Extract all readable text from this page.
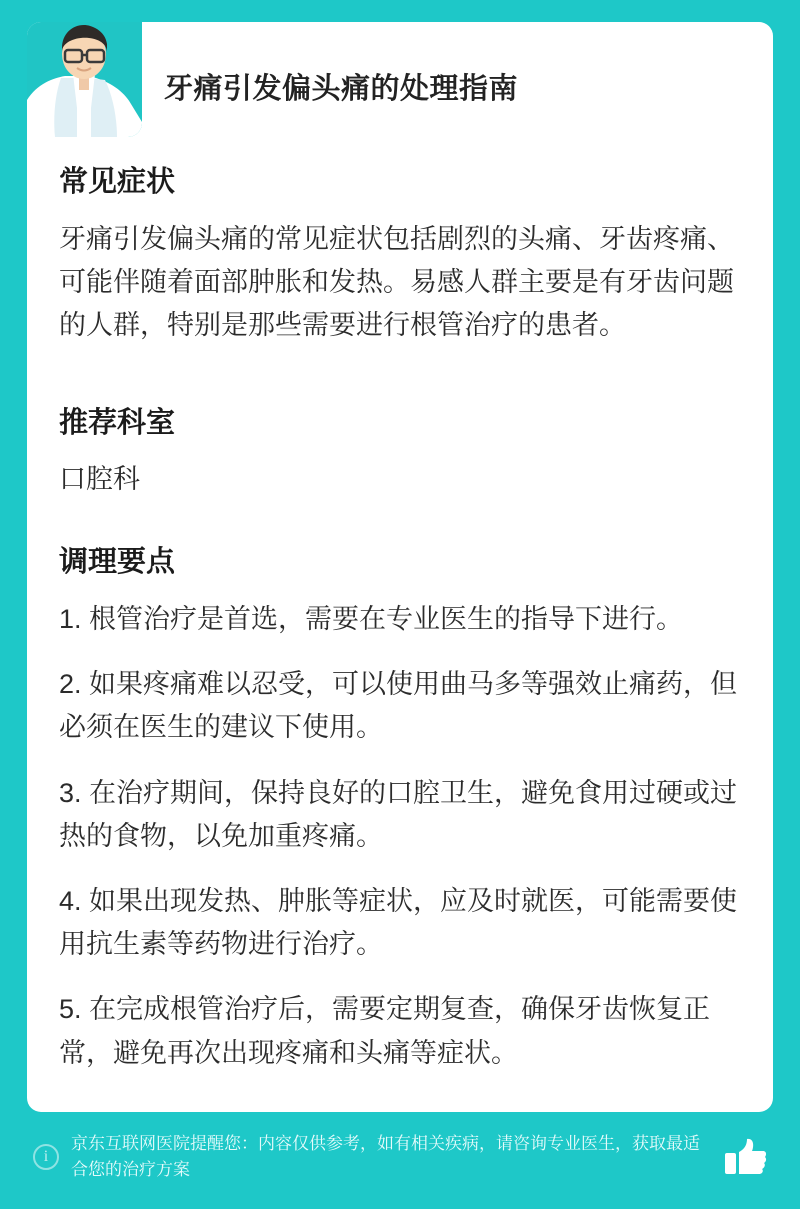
牙痛引发偏头痛的处理指南
常见症状

牙痛引发偏头痛的常见症状包括剧烈的头痛、牙齿疼痛、可能伴随着面部肿胀和发热。易感人群主要是有牙齿问题的人群，特别是那些需要进行根管治疗的患者。

推荐科室

口腔科

调理要点
1. 根管治疗是首选，需要在专业医生的指导下进行。
2. 如果疼痛难以忍受，可以使用曲马多等强效止痛药，但必须在医生的建议下使用。
3. 在治疗期间，保持良好的口腔卫生，避免食用过硬或过热的食物，以免加重疼痛。
4. 如果出现发热、肿胀等症状，应及时就医，可能需要使用抗生素等药物进行治疗。
5. 在完成根管治疗后，需要定期复查，确保牙齿恢复正常，避免再次出现疼痛和头痛等症状。
i
京东互联网医院提醒您：内容仅供参考，如有相关疾病，请咨询专业医生，获取最适合您的治疗方案
